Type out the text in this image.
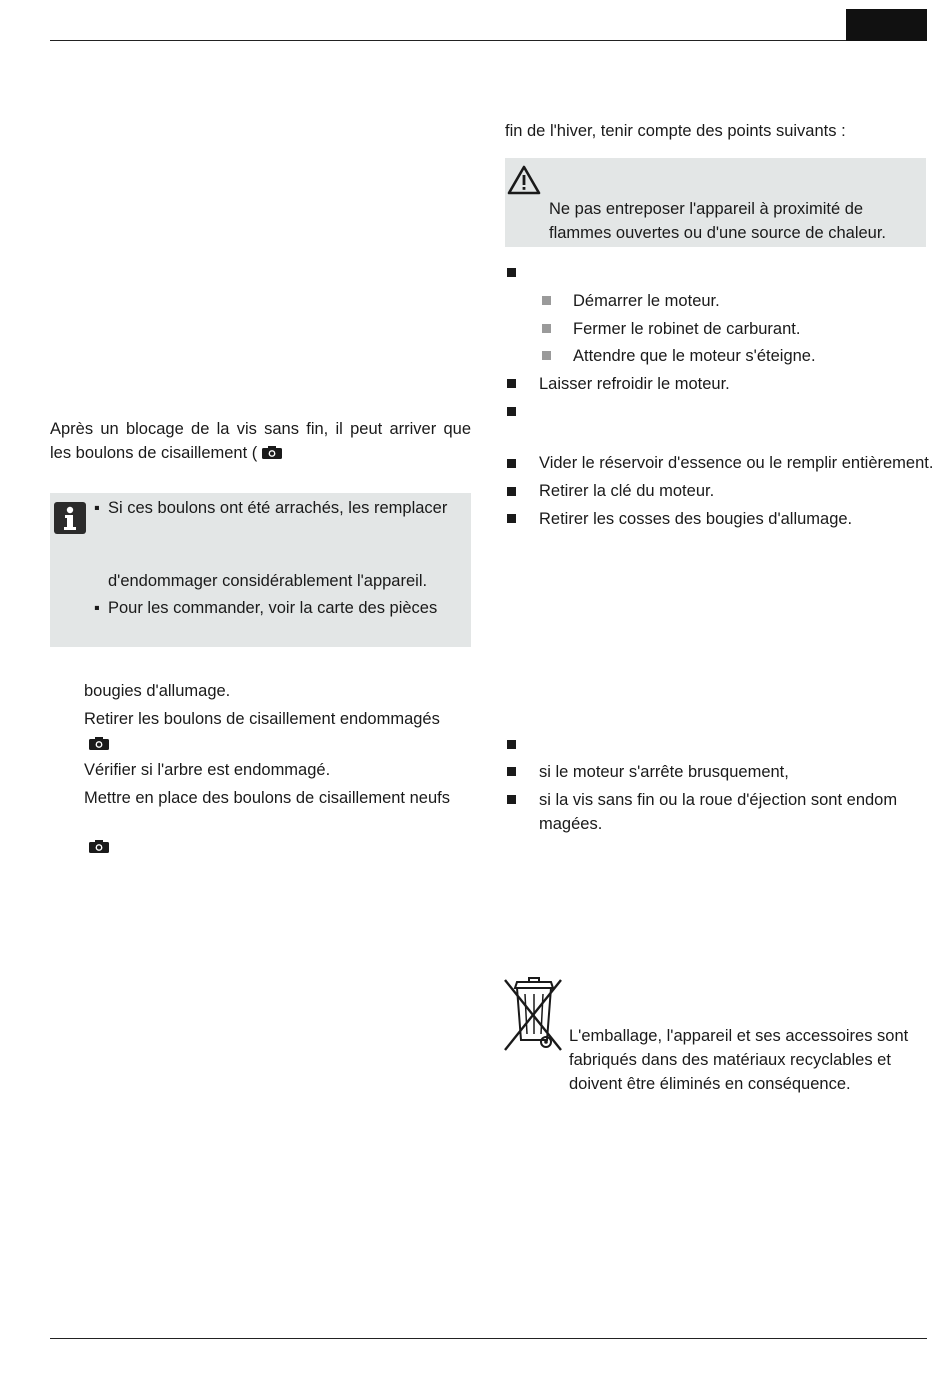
Après un blocage de la vis sans fin, il peut arriver que
les boulons de cisaillement (
▪ Si ces boulons ont été arrachés, les remplacer
d'endommager considérablement l'appareil.
▪ Pour les commander, voir la carte des pièces
bougies d'allumage.
Retirer les boulons de cisaillement endommagés
Vérifier si l'arbre est endommagé.
Mettre en place des boulons de cisaillement neufs
fin de l'hiver, tenir compte des points suivants :
Ne pas entreposer l'appareil à proximité de
flammes ouvertes ou d'une source de chaleur.
Démarrer le moteur.
Fermer le robinet de carburant.
Attendre que le moteur s'éteigne.
Laisser refroidir le moteur.
Vider le réservoir d'essence ou le remplir entièrement.
Retirer la clé du moteur.
Retirer les cosses des bougies d'allumage.
si le moteur s'arrête brusquement,
si la vis sans fin ou la roue d'éjection sont endom
magées.
L'emballage, l'appareil et ses accessoires sont
fabriqués dans des matériaux recyclables et
doivent être éliminés en conséquence.
